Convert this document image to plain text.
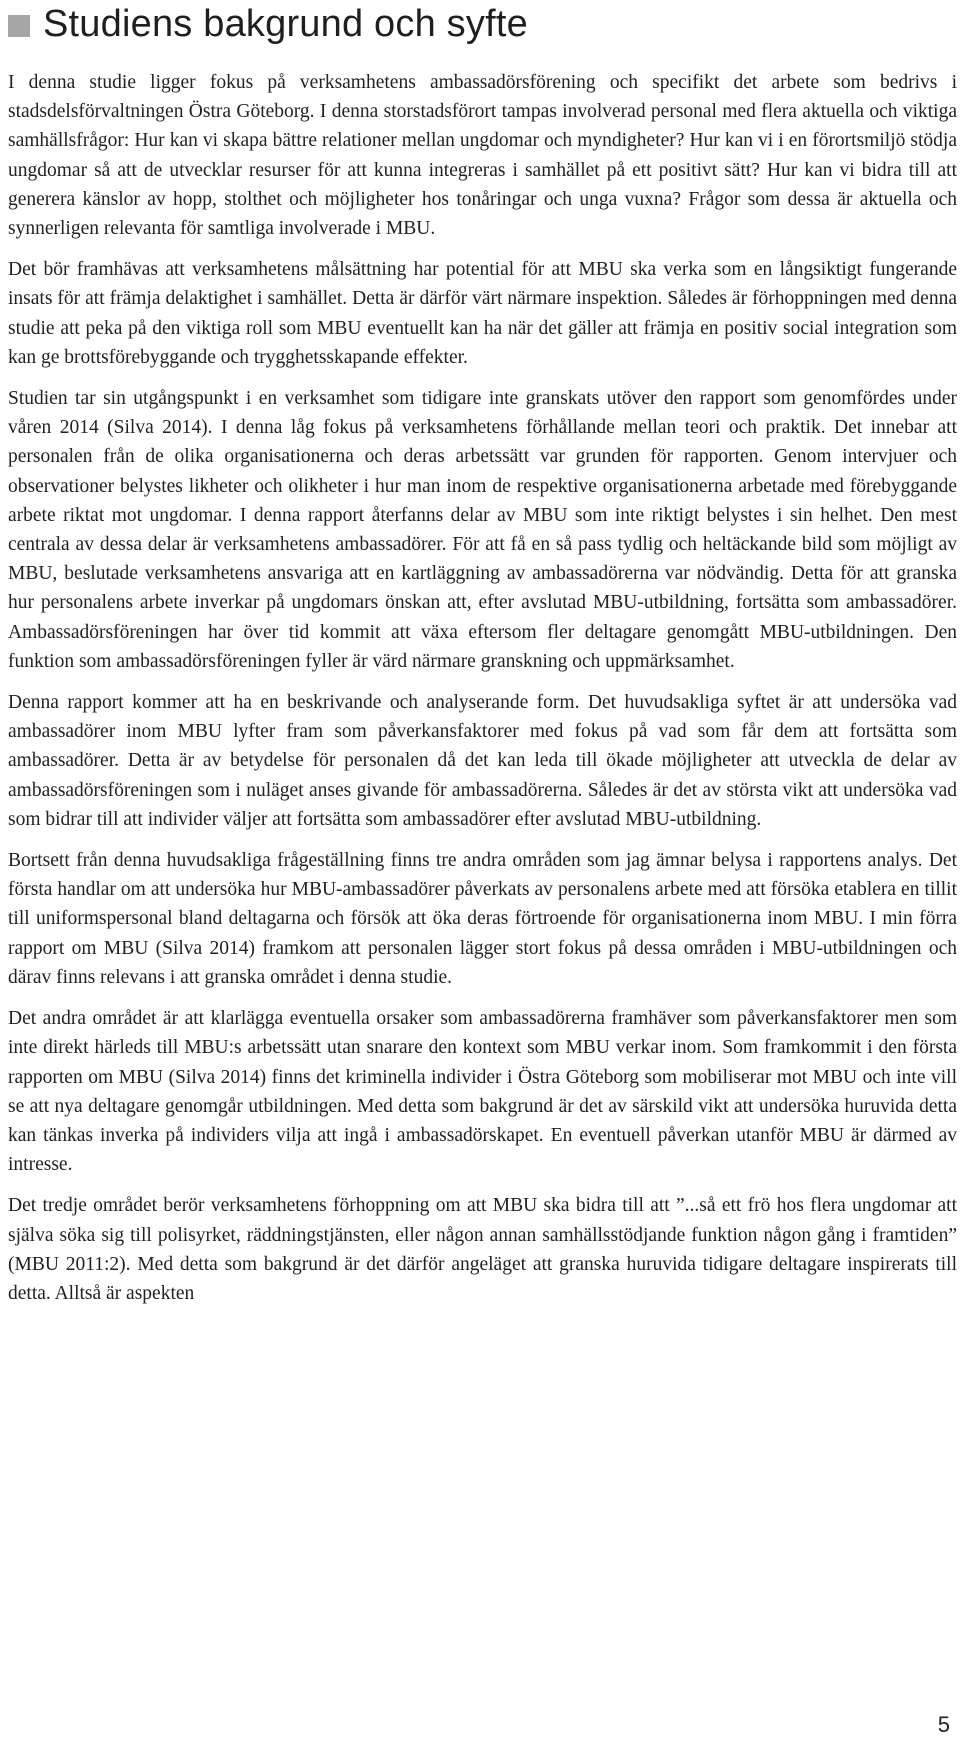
Studiens bakgrund och syfte

I denna studie ligger fokus på verksamhetens ambassadörsförening och specifikt det arbete som bedrivs i stadsdelsförvaltningen Östra Göteborg. I denna storstadsförort tampas involverad personal med flera aktuella och viktiga samhällsfrågor: Hur kan vi skapa bättre relationer mellan ungdomar och myndigheter? Hur kan vi i en förortsmiljö stödja ungdomar så att de utvecklar resurser för att kunna integreras i samhället på ett positivt sätt? Hur kan vi bidra till att generera känslor av hopp, stolthet och möjligheter hos tonåringar och unga vuxna? Frågor som dessa är aktuella och synnerligen relevanta för samtliga involverade i MBU.

Det bör framhävas att verksamhetens målsättning har potential för att MBU ska verka som en långsiktigt fungerande insats för att främja delaktighet i samhället. Detta är därför värt närmare inspektion. Således är förhoppningen med denna studie att peka på den viktiga roll som MBU eventuellt kan ha när det gäller att främja en positiv social integration som kan ge brottsförebyggande och trygghetsskapande effekter.

Studien tar sin utgångspunkt i en verksamhet som tidigare inte granskats utöver den rapport som genomfördes under våren 2014 (Silva 2014). I denna låg fokus på verksamhetens förhållande mellan teori och praktik. Det innebar att personalen från de olika organisationerna och deras arbetssätt var grunden för rapporten. Genom intervjuer och observationer belystes likheter och olikheter i hur man inom de respektive organisationerna arbetade med förebyggande arbete riktat mot ungdomar. I denna rapport återfanns delar av MBU som inte riktigt belystes i sin helhet. Den mest centrala av dessa delar är verksamhetens ambassadörer. För att få en så pass tydlig och heltäckande bild som möjligt av MBU, beslutade verksamhetens ansvariga att en kartläggning av ambassadörerna var nödvändig. Detta för att granska hur personalens arbete inverkar på ungdomars önskan att, efter avslutad MBU-utbildning, fortsätta som ambassadörer. Ambassadörsföreningen har över tid kommit att växa eftersom fler deltagare genomgått MBU-utbildningen. Den funktion som ambassadörsföreningen fyller är värd närmare granskning och uppmärksamhet.

Denna rapport kommer att ha en beskrivande och analyserande form. Det huvudsakliga syftet är att undersöka vad ambassadörer inom MBU lyfter fram som påverkansfaktorer med fokus på vad som får dem att fortsätta som ambassadörer. Detta är av betydelse för personalen då det kan leda till ökade möjligheter att utveckla de delar av ambassadörsföreningen som i nuläget anses givande för ambassadörerna. Således är det av största vikt att undersöka vad som bidrar till att individer väljer att fortsätta som ambassadörer efter avslutad MBU-utbildning.

Bortsett från denna huvudsakliga frågeställning finns tre andra områden som jag ämnar belysa i rapportens analys. Det första handlar om att undersöka hur MBU-ambassadörer påverkats av personalens arbete med att försöka etablera en tillit till uniformspersonal bland deltagarna och försök att öka deras förtroende för organisationerna inom MBU. I min förra rapport om MBU (Silva 2014) framkom att personalen lägger stort fokus på dessa områden i MBU-utbildningen och därav finns relevans i att granska området i denna studie.

Det andra området är att klarlägga eventuella orsaker som ambassadörerna framhäver som påverkansfaktorer men som inte direkt härleds till MBU:s arbetssätt utan snarare den kontext som MBU verkar inom. Som framkommit i den första rapporten om MBU (Silva 2014) finns det kriminella individer i Östra Göteborg som mobiliserar mot MBU och inte vill se att nya deltagare genomgår utbildningen. Med detta som bakgrund är det av särskild vikt att undersöka huruvida detta kan tänkas inverka på individers vilja att ingå i ambassadörskapet. En eventuell påverkan utanför MBU är därmed av intresse.

Det tredje området berör verksamhetens förhoppning om att MBU ska bidra till att ”...så ett frö hos flera ungdomar att själva söka sig till polisyrket, räddningstjänsten, eller någon annan samhällsstödjande funktion någon gång i framtiden” (MBU 2011:2). Med detta som bakgrund är det därför angeläget att granska huruvida tidigare deltagare inspirerats till detta. Alltså är aspekten

5
